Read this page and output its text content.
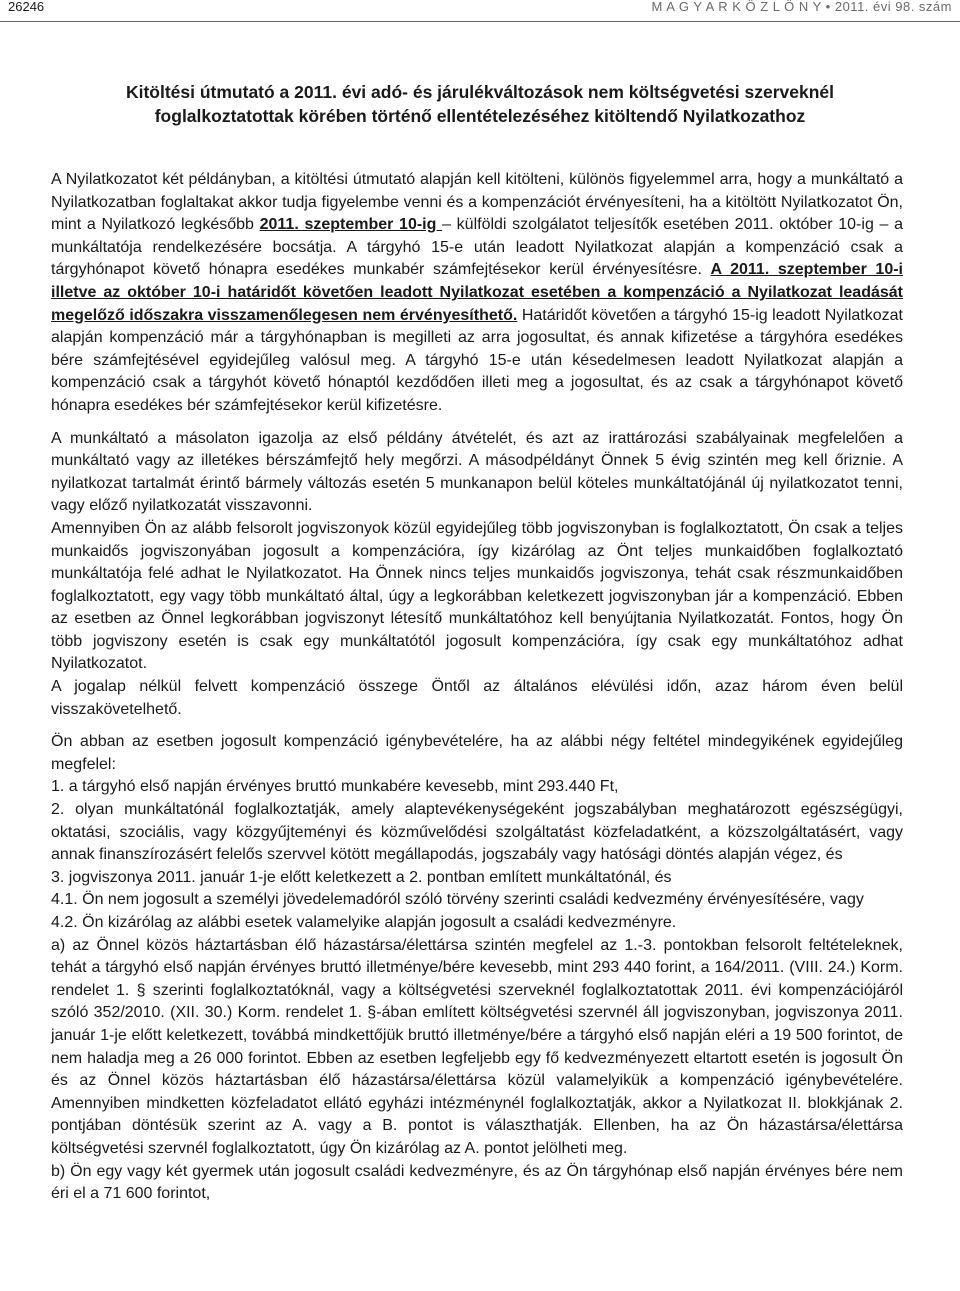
26246	M A G Y A R K Ö Z L Ö N Y • 2011. évi 98. szám
Kitöltési útmutató a 2011. évi adó- és járulékváltozások nem költségvetési szerveknél
foglalkoztatottak körében történő ellentételezéséhez kitöltendő Nyilatkozathoz

A Nyilatkozatot két példányban, a kitöltési útmutató alapján kell kitölteni, különös figyelemmel arra, hogy a munkáltató a Nyilatkozatban foglaltakat akkor tudja figyelembe venni és a kompenzációt érvényesíteni, ha a kitöltött Nyilatkozatot Ön, mint a Nyilatkozó legkésőbb 2011. szeptember 10-ig – külföldi szolgálatot teljesítők esetében 2011. október 10-ig – a munkáltatója rendelkezésére bocsátja. A tárgyhó 15-e után leadott Nyilatkozat alapján a kompenzáció csak a tárgyhónapot követő hónapra esedékes munkabér számfejtésekor kerül érvényesítésre. A 2011. szeptember 10-i illetve az október 10-i határidőt követően leadott Nyilatkozat esetében a kompenzáció a Nyilatkozat leadását megelőző időszakra visszamenőlegesen nem érvényesíthető. Határidőt követően a tárgyhó 15-ig leadott Nyilatkozat alapján kompenzáció már a tárgyhónapban is megilleti az arra jogosultat, és annak kifizetése a tárgyhóra esedékes bére számfejtésével egyidejűleg valósul meg. A tárgyhó 15-e után késedelmesen leadott Nyilatkozat alapján a kompenzáció csak a tárgyhót követő hónaptól kezdődően illeti meg a jogosultat, és az csak a tárgyhónapot követő hónapra esedékes bér számfejtésekor kerül kifizetésre.

A munkáltató a másolaton igazolja az első példány átvételét, és azt az irattározási szabályainak megfelelően a munkáltató vagy az illetékes bérszámfejtő hely megőrzi. A másodpéldányt Önnek 5 évig szintén meg kell őriznie. A nyilatkozat tartalmát érintő bármely változás esetén 5 munkanapon belül köteles munkáltatójánál új nyilatkozatot tenni, vagy előző nyilatkozatát visszavonni.

Amennyiben Ön az alább felsorolt jogviszonyok közül egyidejűleg több jogviszonyban is foglalkoztatott, Ön csak a teljes munkaidős jogviszonyában jogosult a kompenzációra, így kizárólag az Önt teljes munkaidőben foglalkoztató munkáltatója felé adhat le Nyilatkozatot. Ha Önnek nincs teljes munkaidős jogviszonya, tehát csak részmunkaidőben foglalkoztatott, egy vagy több munkáltató által, úgy a legkorábban keletkezett jogviszonyban jár a kompenzáció. Ebben az esetben az Önnel legkorábban jogviszonyt létesítő munkáltatóhoz kell benyújtania Nyilatkozatát. Fontos, hogy Ön több jogviszony esetén is csak egy munkáltatótól jogosult kompenzációra, így csak egy munkáltatóhoz adhat Nyilatkozatot.

A jogalap nélkül felvett kompenzáció összege Öntől az általános elévülési időn, azaz három éven belül visszakövetelhető.

Ön abban az esetben jogosult kompenzáció igénybevételére, ha az alábbi négy feltétel mindegyikének egyidejűleg megfelel:

1. a tárgyhó első napján érvényes bruttó munkabére kevesebb, mint 293.440 Ft,

2. olyan munkáltatónál foglalkoztatják, amely alaptevékenységeként jogszabályban meghatározott egészségügyi, oktatási, szociális, vagy közgyűjteményi és közművelődési szolgáltatást közfeladatként, a közszolgáltatásért, vagy annak finanszírozásért felelős szervvel kötött megállapodás, jogszabály vagy hatósági döntés alapján végez, és

3. jogviszonya 2011. január 1-je előtt keletkezett a 2. pontban említett munkáltatónál, és

4.1. Ön nem jogosult a személyi jövedelemadóról szóló törvény szerinti családi kedvezmény érvényesítésére, vagy

4.2. Ön kizárólag az alábbi esetek valamelyike alapján jogosult a családi kedvezményre.

a) az Önnel közös háztartásban élő házastársa/élettársa szintén megfelel az 1.-3. pontokban felsorolt feltételeknek, tehát a tárgyhó első napján érvényes bruttó illetménye/bére kevesebb, mint 293 440 forint, a 164/2011. (VIII. 24.) Korm. rendelet 1. § szerinti foglalkoztatóknál, vagy a költségvetési szerveknél foglalkoztatottak 2011. évi kompenzációjáról szóló 352/2010. (XII. 30.) Korm. rendelet 1. §-ában említett költségvetési szervnél áll jogviszonyban, jogviszonya 2011. január 1-je előtt keletkezett, továbbá mindkettőjük bruttó illetménye/bére a tárgyhó első napján eléri a 19 500 forintot, de nem haladja meg a 26 000 forintot. Ebben az esetben legfeljebb egy fő kedvezményezett eltartott esetén is jogosult Ön és az Önnel közös háztartásban élő házastársa/élettársa közül valamelyikük a kompenzáció igénybevételére. Amennyiben mindketten közfeladatot ellátó egyházi intézménynél foglalkoztatják, akkor a Nyilatkozat II. blokkjának 2. pontjában döntésük szerint az A. vagy a B. pontot is választhatják. Ellenben, ha az Ön házastársa/élettársa költségvetési szervnél foglalkoztatott, úgy Ön kizárólag az A. pontot jelölheti meg.

b) Ön egy vagy két gyermek után jogosult családi kedvezményre, és az Ön tárgyhónap első napján érvényes bére nem éri el a 71 600 forintot,
